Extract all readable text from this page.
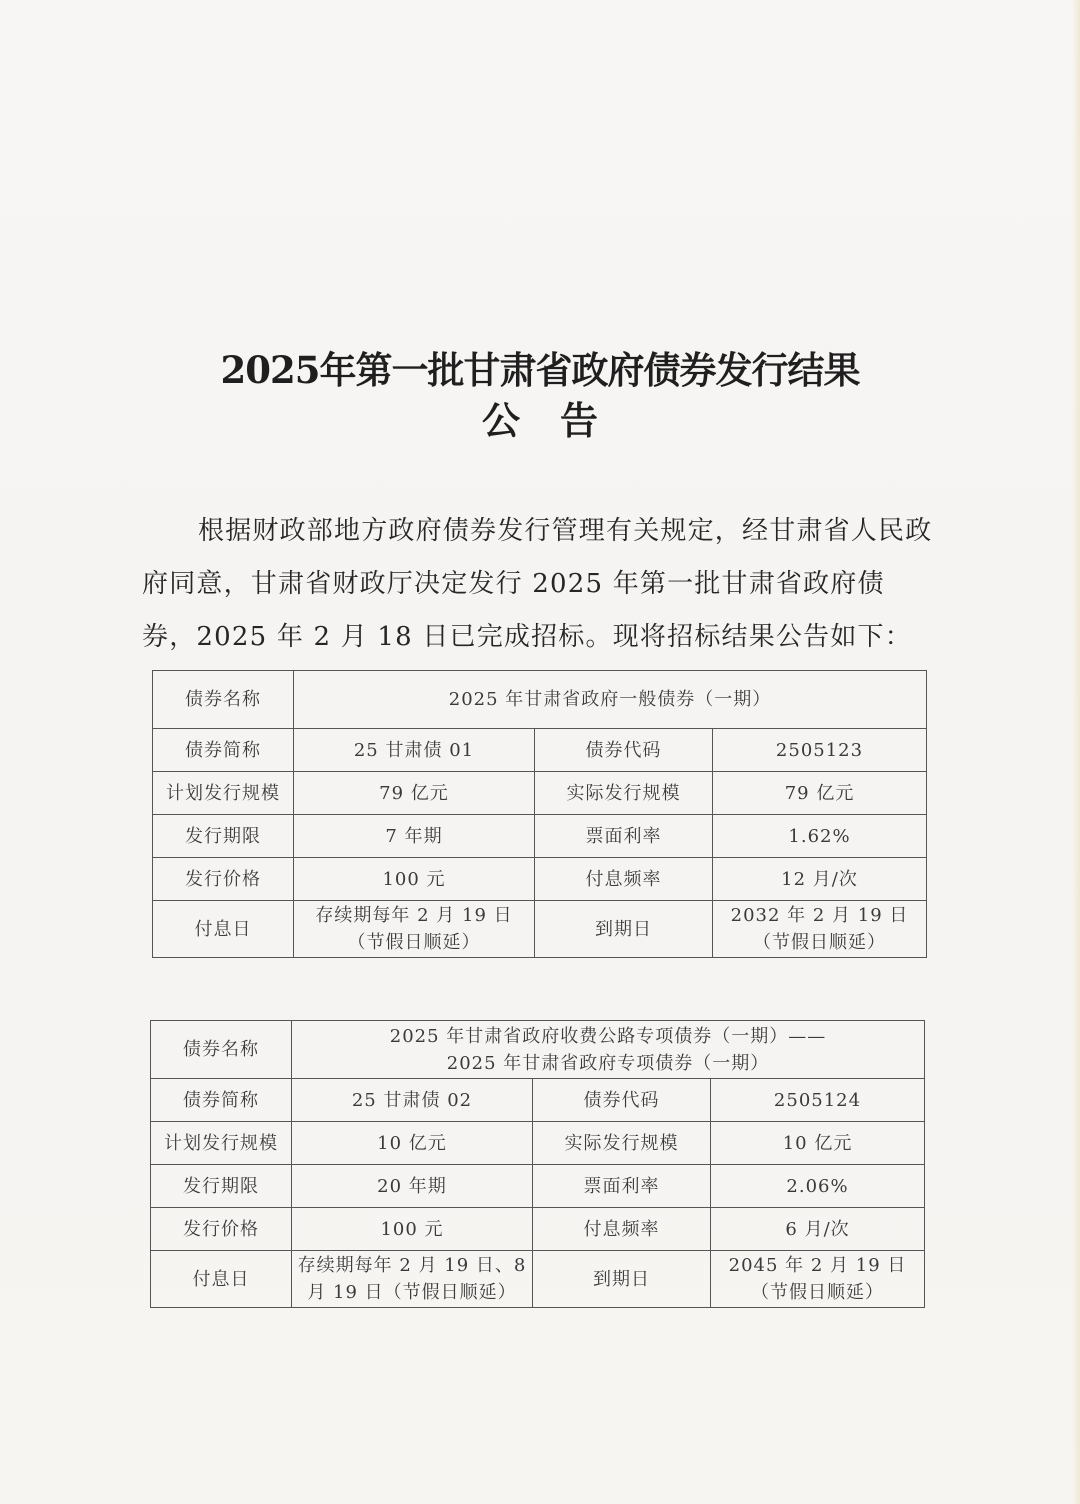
2025年第一批甘肃省政府债券发行结果
公告
根据财政部地方政府债券发行管理有关规定，经甘肃省人民政府同意，甘肃省财政厅决定发行 2025 年第一批甘肃省政府债券，2025 年 2 月 18 日已完成招标。现将招标结果公告如下：
债券名称	2025 年甘肃省政府一般债券（一期）		
债券简称	25 甘肃债 01	债券代码	2505123
计划发行规模	79 亿元	实际发行规模	79 亿元
发行期限	7 年期	票面利率	1.62%
发行价格	100 元	付息频率	12 月/次
付息日	存续期每年 2 月 19 日（节假日顺延）	到期日	2032 年 2 月 19 日
（节假日顺延）
债券名称	2025 年甘肃省政府收费公路专项债券（一期）——
2025 年甘肃省政府专项债券（一期）		

债券简称	25 甘肃债 02	债券代码	2505124
计划发行规模	10 亿元	实际发行规模	10 亿元
发行期限	20 年期	票面利率	2.06%
发行价格	100 元	付息频率	6 月/次
付息日	存续期每年 2 月 19 日、8 月 19 日（节假日顺延）	到期日	2045 年 2 月 19 日
（节假日顺延）
